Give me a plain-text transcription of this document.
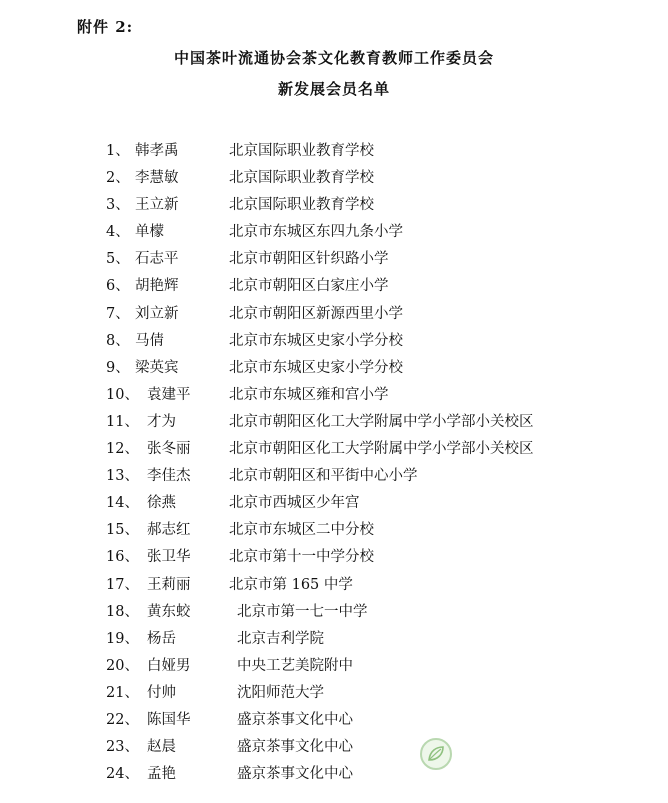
附件 2:
中国茶叶流通协会茶文化教育教师工作委员会
新发展会员名单
1、 韩孝禹	北京国际职业教育学校
2、 李慧敏	北京国际职业教育学校
3、 王立新	北京国际职业教育学校
4、 单檬	北京市东城区东四九条小学
5、 石志平	北京市朝阳区针织路小学
6、 胡艳辉	北京市朝阳区白家庄小学
7、 刘立新	北京市朝阳区新源西里小学
8、 马倩	北京市东城区史家小学分校
9、 梁英宾	北京市东城区史家小学分校
10、 袁建平	北京市东城区雍和宫小学
11、 才为	北京市朝阳区化工大学附属中学小学部小关校区
12、 张冬丽	北京市朝阳区化工大学附属中学小学部小关校区
13、 李佳杰	北京市朝阳区和平街中心小学
14、 徐燕	北京市西城区少年宫
15、 郝志红	北京市东城区二中分校
16、 张卫华	北京市第十一中学分校
17、 王莉丽	北京市第 165 中学
18、 黄东蛟	北京市第一七一中学
19、 杨岳	北京吉利学院
20、 白娅男	中央工艺美院附中
21、 付帅	沈阳师范大学
22、 陈国华	盛京茶事文化中心
23、 赵晨	盛京茶事文化中心
24、 孟艳	盛京茶事文化中心
